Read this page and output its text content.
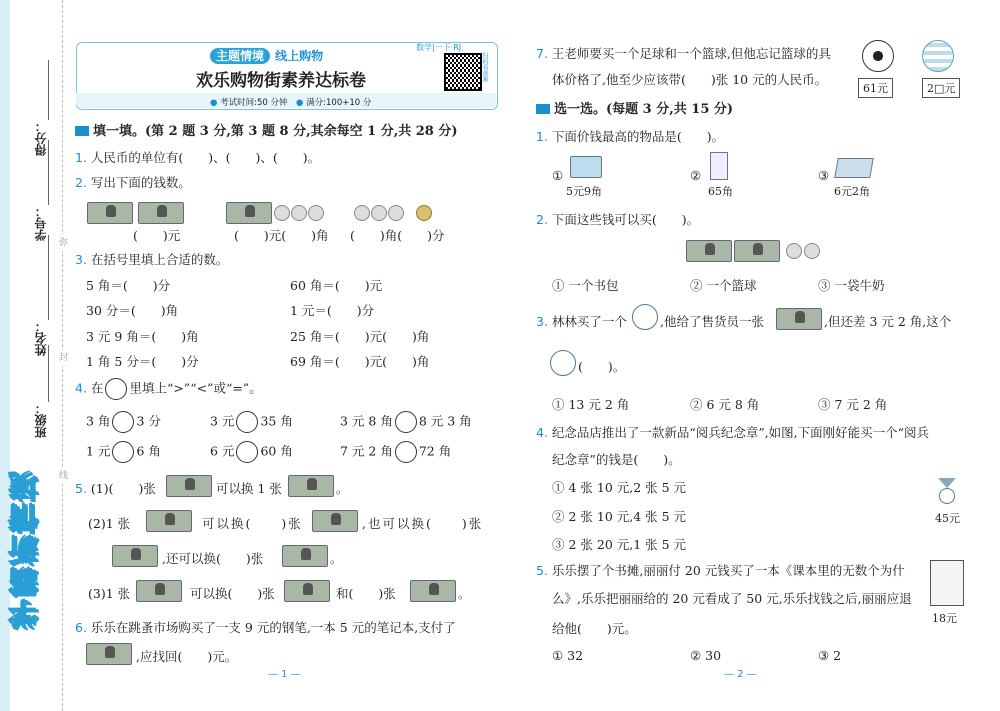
得分：
学号：
姓名：
班级：
弥
封
线
学霸新情境
主题情境 线上购物
欢乐购物街素养达标卷
数学|一下·RJ
扫码看视频
● 考试时间:50 分钟　 ● 满分:100+10 分
填一填。(第 2 题 3 分,第 3 题 8 分,其余每空 1 分,共 28 分)
1. 人民币的单位有(　　)、(　　)、(　　)。
2. 写出下面的钱数。
(　　)元	(　　)元(　　)角 (　　)角(　　)分
3. 在括号里填上合适的数。
5 角＝(　　)分	60 角＝(　　)元
30 分＝(　　)角	1 元＝(　　)分
3 元 9 角＝(　　)角	25 角＝(　　)元(　　)角
1 角 5 分＝(　　)分	69 角＝(　　)元(　　)角
4. 在 里填上“>”“<”或“=”。
3 角 3 分	3 元 35 角	3 元 8 角 8 元 3 角
1 元 6 角	6 元 60 角	7 元 2 角 72 角
5. (1)(　　)张	可以换 1 张	。
(2)1 张	可以换(　　)张	,也可以换(　　)张
,还可以换(　　)张	。
(3)1 张	可以换(　　)张	和(　　)张	。
6. 乐乐在跳蚤市场购买了一支 9 元的钢笔,一本 5 元的笔记本,支付了
,应找回(　　)元。
— 1 —
7. 王老师要买一个足球和一个篮球,但他忘记篮球的具
体价格了,他至少应该带(　　)张 10 元的人民币。
61元	2□元
选一选。(每题 3 分,共 15 分)
1. 下面价钱最高的物品是(　　)。
①
5元9角
②
65角
③
6元2角
2. 下面这些钱可以买(　　)。
① 一个书包	② 一个篮球	③ 一袋牛奶
3. 林林买了一个	,他给了售货员一张	,但还差 3 元 2 角,这个
(　　)。
① 13 元 2 角	② 6 元 8 角	③ 7 元 2 角
4. 纪念品店推出了一款新品“阅兵纪念章”,如图,下面刚好能买一个“阅兵
纪念章”的钱是(　　)。
① 4 张 10 元,2 张 5 元
② 2 张 10 元,4 张 5 元
③ 2 张 20 元,1 张 5 元
45元
5. 乐乐摆了个书摊,丽丽付 20 元钱买了一本《课本里的无数个为什
么》,乐乐把丽丽给的 20 元看成了 50 元,乐乐找钱之后,丽丽应退
给他(　　)元。
18元
① 32	② 30	③ 2
— 2 —
